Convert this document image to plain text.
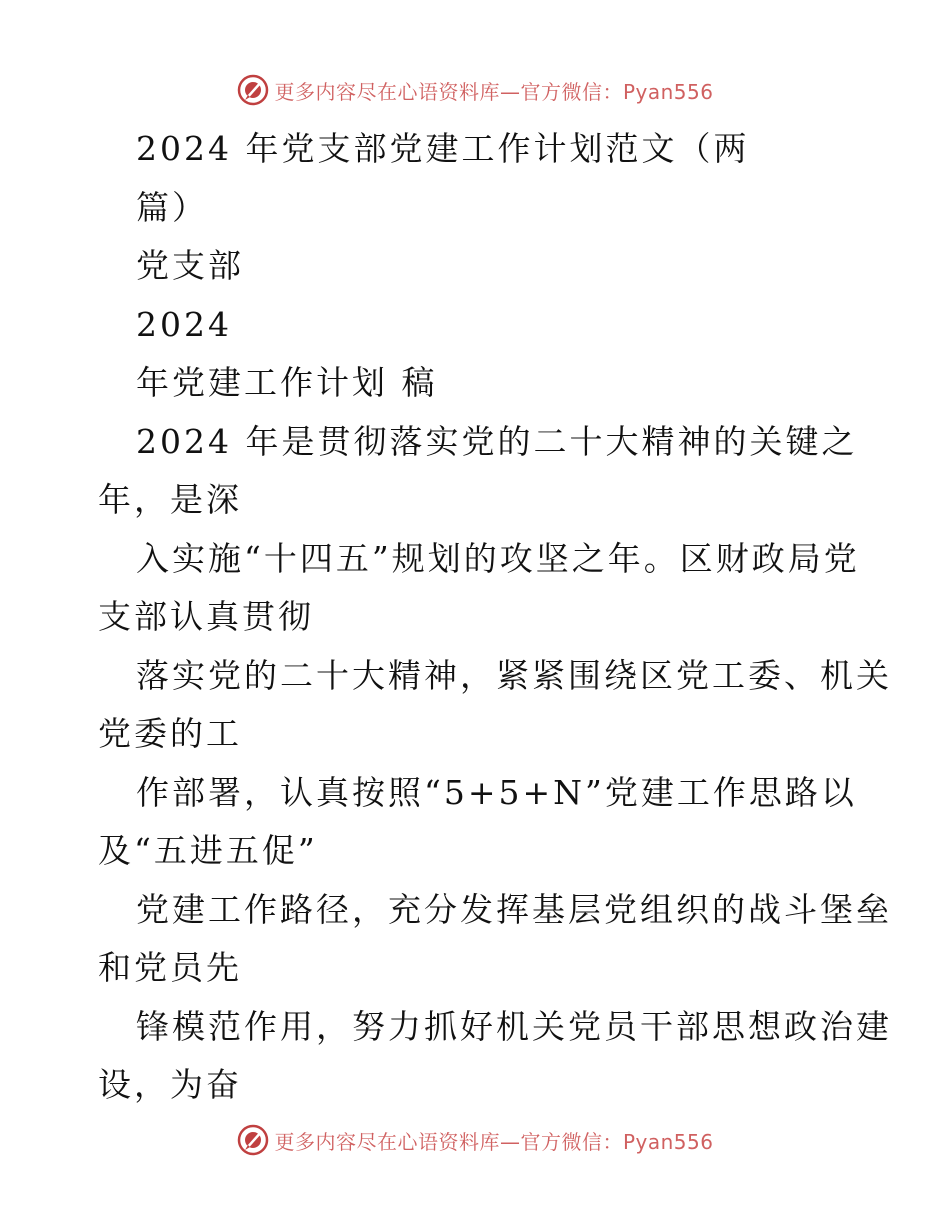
更多内容尽在心语资料库—官方微信：Pyan556
2024 年党支部党建工作计划范文（两
篇）
党支部
2024
年党建工作计划 稿
2024 年是贯彻落实党的二十大精神的关键之
年，是深
入实施“十四五”规划的攻坚之年。区财政局党
支部认真贯彻
落实党的二十大精神，紧紧围绕区党工委、机关
党委的工
作部署，认真按照“5+5+N”党建工作思路以
及“五进五促”
党建工作路径，充分发挥基层党组织的战斗堡垒
和党员先
锋模范作用，努力抓好机关党员干部思想政治建
设，为奋
更多内容尽在心语资料库—官方微信：Pyan556
